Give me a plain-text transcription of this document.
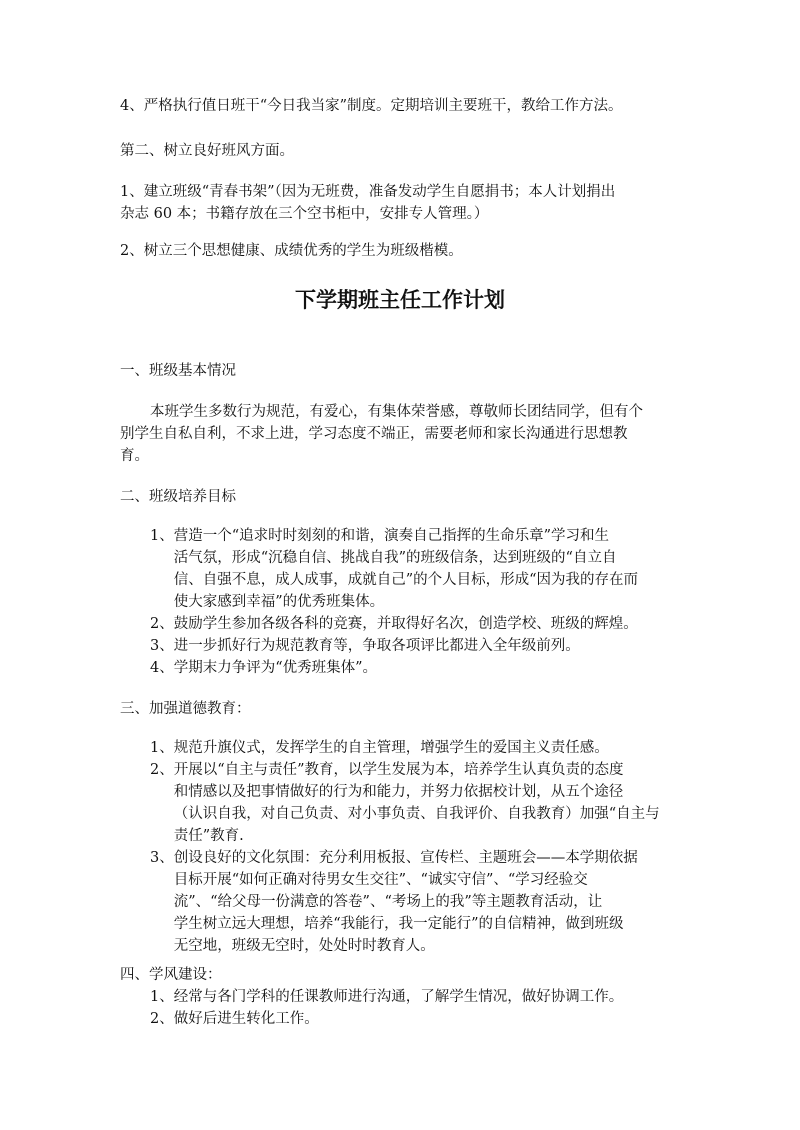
4、严格执行值日班干“今日我当家”制度。定期培训主要班干，教给工作方法。

第二、树立良好班风方面。

1、建立班级“青春书架”（因为无班费，准备发动学生自愿捐书；本人计划捐出

杂志 60 本；书籍存放在三个空书柜中，安排专人管理。）

2、树立三个思想健康、成绩优秀的学生为班级楷模。

下学期班主任工作计划

一、班级基本情况

本班学生多数行为规范，有爱心，有集体荣誉感，尊敬师长团结同学，但有个

别学生自私自利，不求上进，学习态度不端正，需要老师和家长沟通进行思想教

育。

二、班级培养目标

1、 营造一个“追求时时刻刻的和谐，演奏自己指挥的生命乐章”学习和生
活气氛，形成“沉稳自信、挑战自我”的班级信条，达到班级的“自立自
信、自强不息，成人成事，成就自己”的个人目标，形成“因为我的存在而
使大家感到幸福”的优秀班集体。
2、 鼓励学生参加各级各科的竞赛，并取得好名次，创造学校、班级的辉煌。
3、 进一步抓好行为规范教育等，争取各项评比都进入全年级前列。
4、 学期末力争评为“优秀班集体”。

三、加强道德教育：

1、 规范升旗仪式，发挥学生的自主管理，增强学生的爱国主义责任感。
2、 开展以“自主与责任”教育，以学生发展为本，培养学生认真负责的态度
和情感以及把事情做好的行为和能力，并努力依据校计划，从五个途径
（认识自我，对自己负责、对小事负责、自我评价、自我教育）加强“自主与
责任”教育.
3、 创设良好的文化氛围：充分利用板报、宣传栏、主题班会——本学期依据
目标开展“如何正确对待男女生交往”、“诚实守信”、“学习经验交
流”、“给父母一份满意的答卷”、“考场上的我”等主题教育活动，让
学生树立远大理想，培养“我能行，我一定能行”的自信精神，做到班级
无空地，班级无空时，处处时时教育人。

四、学风建设：

1、 经常与各门学科的任课教师进行沟通，了解学生情况，做好协调工作。
2、 做好后进生转化工作。
